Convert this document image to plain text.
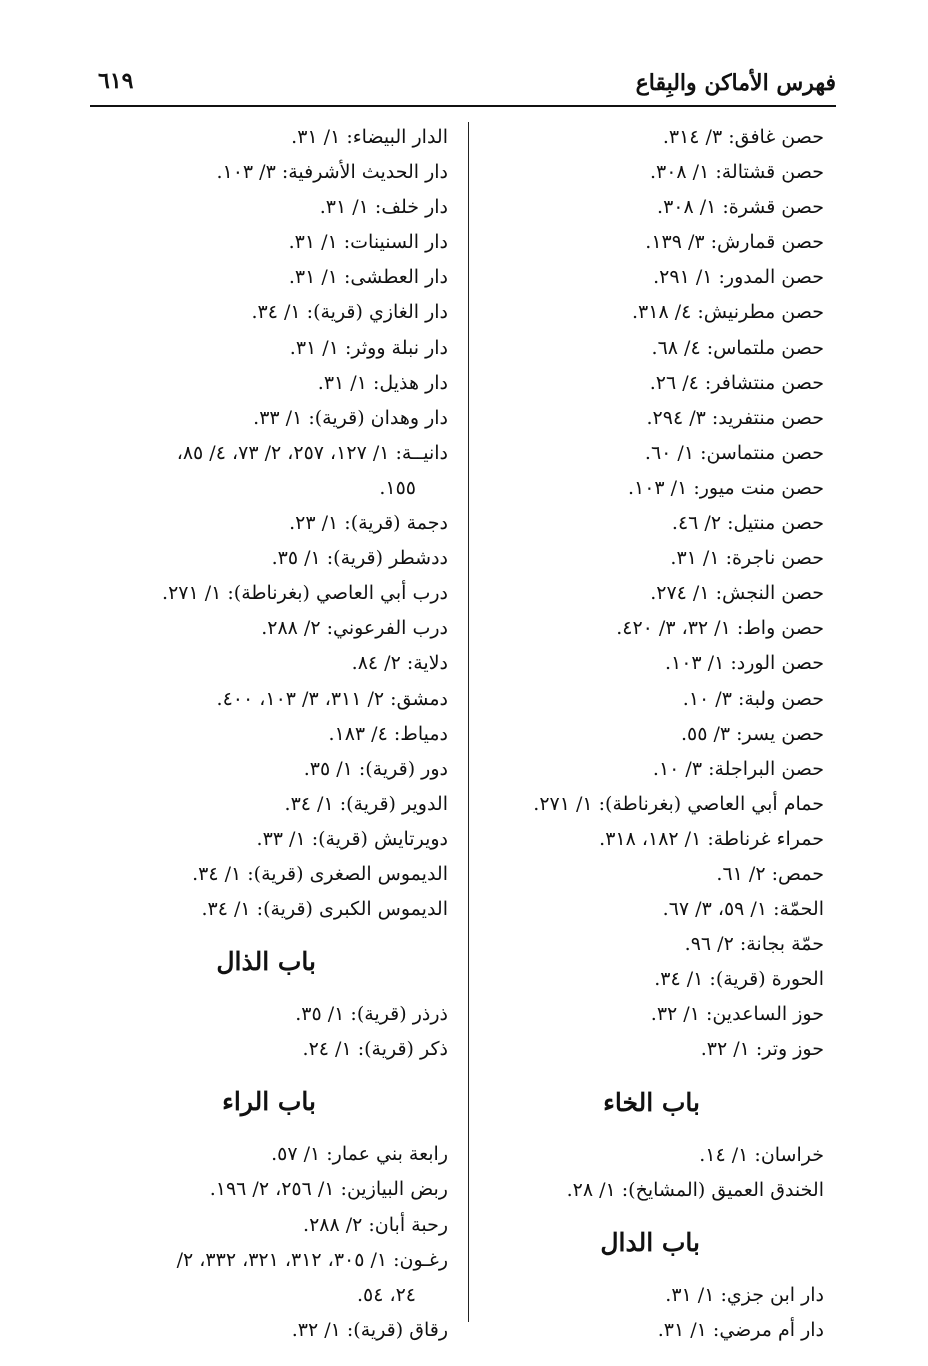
فهرس الأماكن والبِقاع
٦١٩
حصن غافق: ٣/ ٣١٤.
حصن قشتالة: ١/ ٣٠٨.
حصن قشرة: ١/ ٣٠٨.
حصن قمارش: ٣/ ١٣٩.
حصن المدور: ١/ ٢٩١.
حصن مطرنيش: ٤/ ٣١٨.
حصن ملتماس: ٤/ ٦٨.
حصن منتشافر: ٤/ ٢٦.
حصن منتفريد: ٣/ ٢٩٤.
حصن منتماسن: ١/ ٦٠.
حصن منت ميور: ١/ ١٠٣.
حصن منتيل: ٢/ ٤٦.
حصن ناجرة: ١/ ٣١.
حصن النجش: ١/ ٢٧٤.
حصن واط: ١/ ٣٢، ٣/ ٤٢٠.
حصن الورد: ١/ ١٠٣.
حصن ولبة: ٣/ ١٠.
حصن يسر: ٣/ ٥٥.
حصن البراجلة: ٣/ ١٠.
حمام أبي العاصي (بغرناطة): ١/ ٢٧١.
حمراء غرناطة: ١/ ١٨٢، ٣١٨.
حمص: ٢/ ٦١.
الحمّة: ١/ ٥٩، ٣/ ٦٧.
حمّة بجانة: ٢/ ٩٦.
الحورة (قرية): ١/ ٣٤.
حوز الساعدين: ١/ ٣٢.
حوز وتر: ١/ ٣٢.
باب الخاء
خراسان: ١/ ١٤.
الخندق العميق (المشايخ): ١/ ٢٨.
باب الدال
دار ابن جزي: ١/ ٣١.
دار أم مرضي: ١/ ٣١.
الدار البيضاء: ١/ ٣١.
دار الحديث الأشرفية: ٣/ ١٠٣.
دار خلف: ١/ ٣١.
دار السنينات: ١/ ٣١.
دار العطشى: ١/ ٣١.
دار الغازي (قرية): ١/ ٣٤.
دار نبلة ووثر: ١/ ٣١.
دار هذيل: ١/ ٣١.
دار وهدان (قرية): ١/ ٣٣.
دانيــة: ١/ ١٢٧، ٢٥٧، ٢/ ٧٣، ٤/ ٨٥،
١٥٥.
دجمة (قرية): ١/ ٢٣.
ددشطر (قرية): ١/ ٣٥.
درب أبي العاصي (بغرناطة): ١/ ٢٧١.
درب الفرعوني: ٢/ ٢٨٨.
دلاية: ٢/ ٨٤.
دمشق: ٢/ ٣١١، ٣/ ١٠٣، ٤٠٠.
دمياط: ٤/ ١٨٣.
دور (قرية): ١/ ٣٥.
الدوير (قرية): ١/ ٣٤.
دويرتايش (قرية): ١/ ٣٣.
الديموس الصغرى (قرية): ١/ ٣٤.
الديموس الكبرى (قرية): ١/ ٣٤.
باب الذال
ذرذر (قرية): ١/ ٣٥.
ذكر (قرية): ١/ ٢٤.
باب الراء
رابعة بني عمار: ١/ ٥٧.
ربض البيازين: ١/ ٢٥٦، ٢/ ١٩٦.
رحبة أبان: ٢/ ٢٨٨.
رغـون: ١/ ٣٠٥، ٣١٢، ٣٢١، ٣٣٢، ٢/
٢٤، ٥٤.
رقاق (قرية): ١/ ٣٢.
